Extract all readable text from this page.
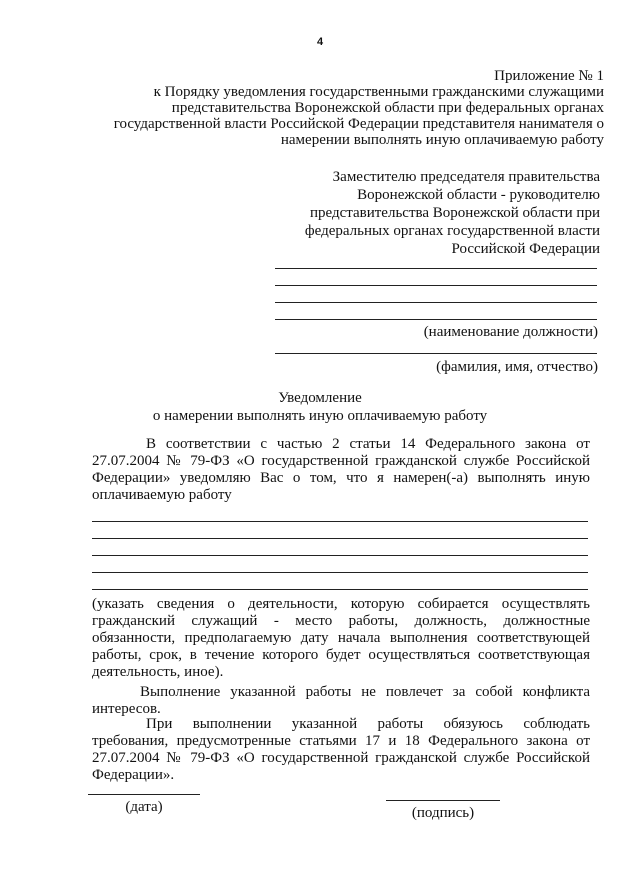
4
Приложение № 1
к Порядку уведомления государственными гражданскими служащими
представительства Воронежской области при федеральных органах
государственной власти Российской Федерации представителя нанимателя о
намерении выполнять иную оплачиваемую работу
Заместителю председателя правительства
Воронежской области - руководителю
представительства Воронежской области при
федеральных органах государственной власти
Российской Федерации
(наименование должности)
(фамилия, имя, отчество)
Уведомление
о намерении выполнять иную оплачиваемую работу
В соответствии с частью 2 статьи 14 Федерального закона от
27.07.2004 № 79-ФЗ «О государственной гражданской службе Российской
Федерации» уведомляю Вас о том, что я намерен(-а) выполнять иную
оплачиваемую работу
(указать сведения о деятельности, которую собирается осуществлять
гражданский служащий - место работы, должность, должностные
обязанности, предполагаемую дату начала выполнения соответствующей
работы, срок, в течение которого будет осуществляться соответствующая
деятельность, иное).
Выполнение указанной работы не повлечет за собой конфликта
интересов.
При выполнении указанной работы обязуюсь соблюдать
требования, предусмотренные статьями 17 и 18 Федерального закона от
27.07.2004 № 79-ФЗ «О государственной гражданской службе Российской
Федерации».
(дата)	(подпись)
